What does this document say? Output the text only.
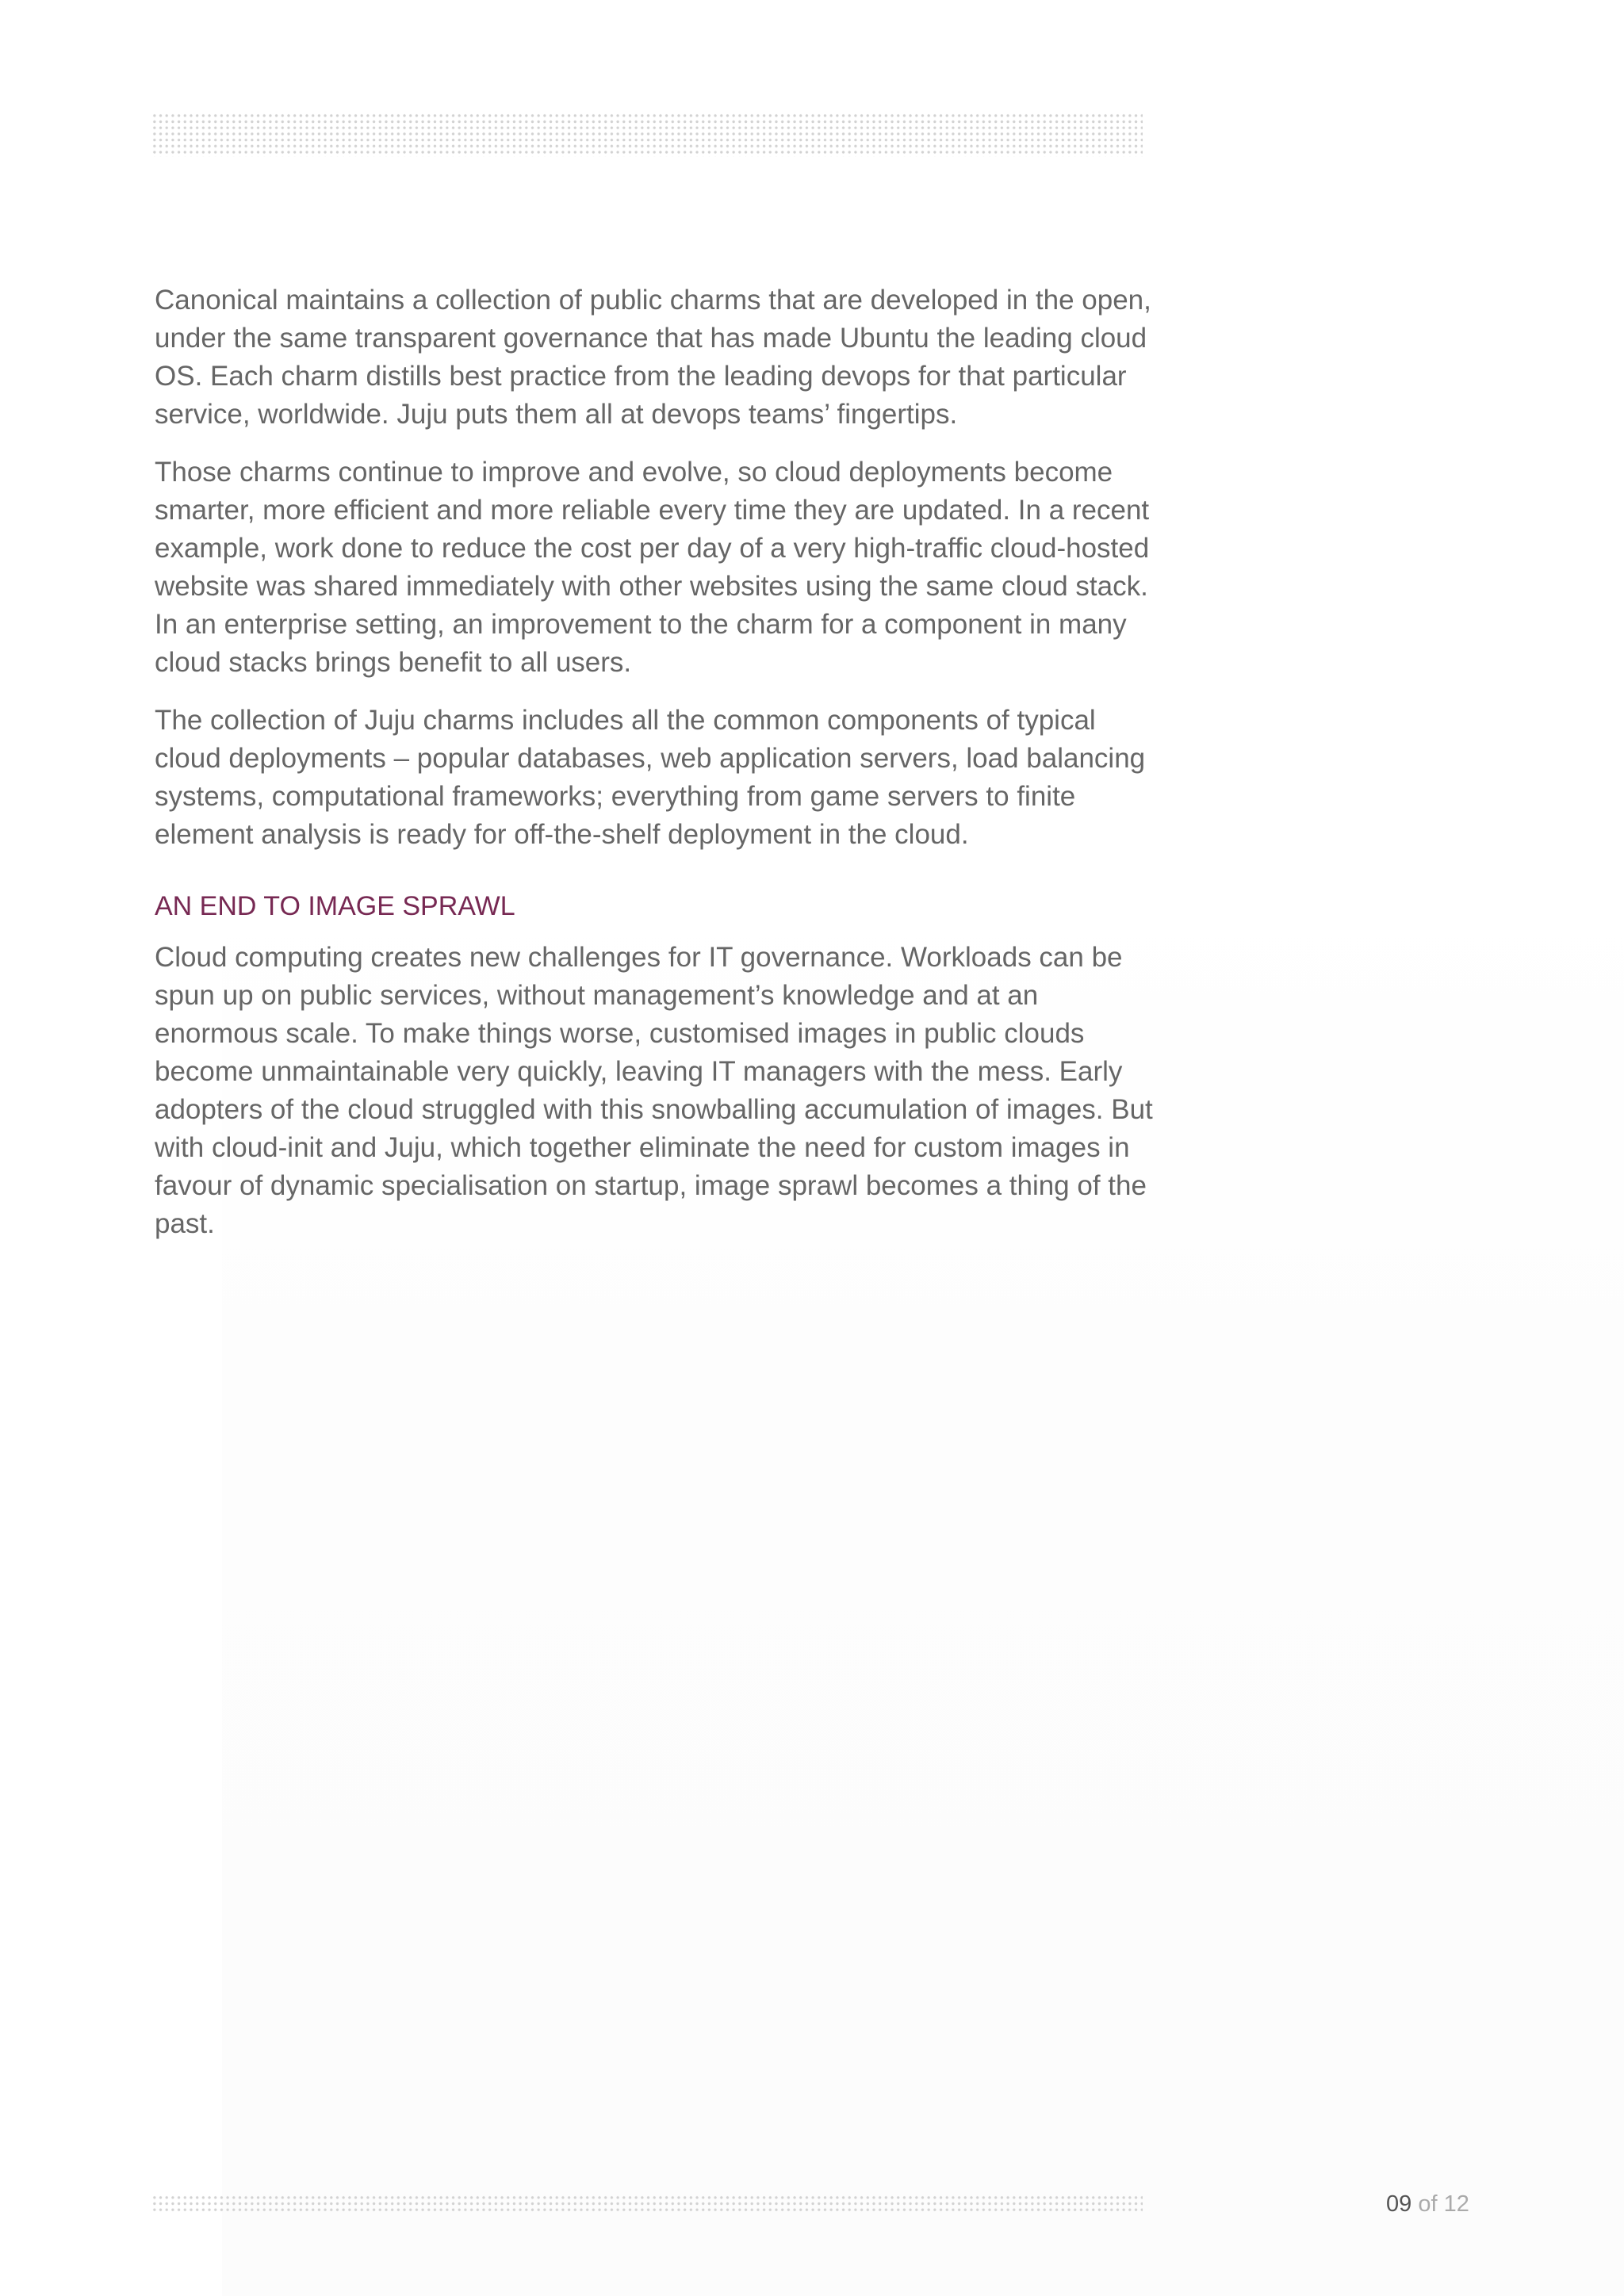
Canonical maintains a collection of public charms that are developed in the open, under the same transparent governance that has made Ubuntu the leading cloud OS. Each charm distills best practice from the leading devops for that particular service, worldwide. Juju puts them all at devops teams’ fingertips.

Those charms continue to improve and evolve, so cloud deployments become smarter, more efficient and more reliable every time they are updated. In a recent example, work done to reduce the cost per day of a very high-traffic cloud-hosted website was shared immediately with other websites using the same cloud stack. In an enterprise setting, an improvement to the charm for a component in many cloud stacks brings benefit to all users.

The collection of Juju charms includes all the common components of typical cloud deployments – popular databases, web application servers, load balancing systems, computational frameworks; everything from game servers to finite element analysis is ready for off-the-shelf deployment in the cloud.

AN END TO IMAGE SPRAWL

Cloud computing creates new challenges for IT governance. Workloads can be spun up on public services, without management’s knowledge and at an enormous scale. To make things worse, customised images in public clouds become unmaintainable very quickly, leaving IT managers with the mess. Early adopters of the cloud struggled with this snowballing accumulation of images. But with cloud-init and Juju, which together eliminate the need for custom images in favour of dynamic specialisation on startup, image sprawl becomes a thing of the past.

09 of 12
